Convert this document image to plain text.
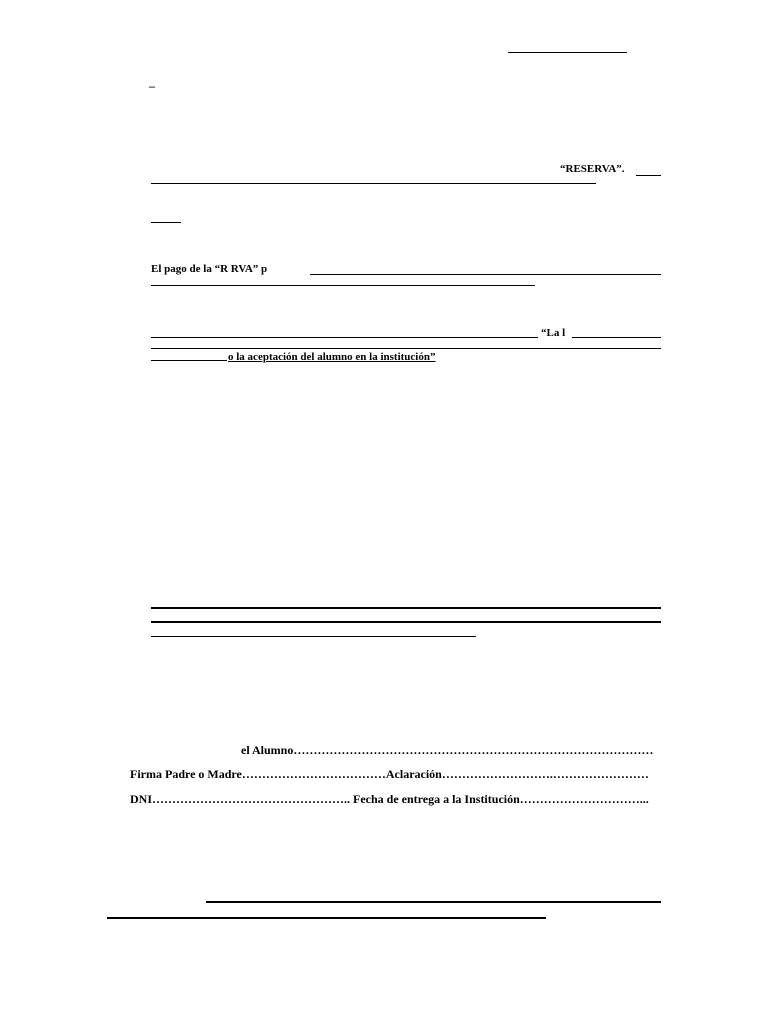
_
“RESERVA”.
El pago de la “R RVA” p
“La l
o la aceptación del alumno en la institución”
el Alumno………………………………………………………………………………
Firma Padre o Madre………………………………Aclaración……………………….……………………
DNI………………………………………….. Fecha de entrega a la Institución…………………………...
